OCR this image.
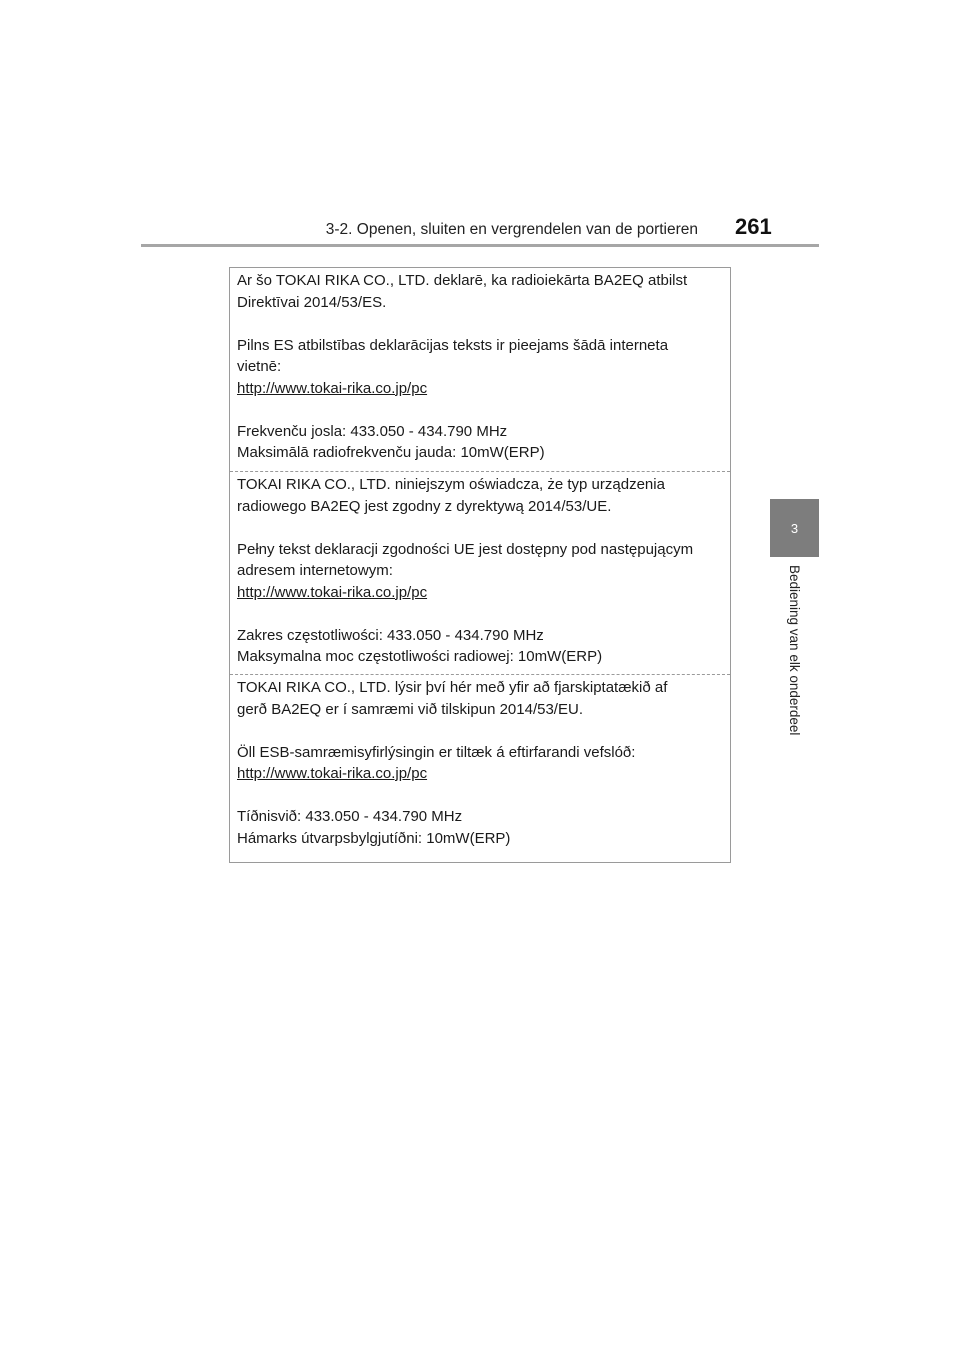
3-2. Openen, sluiten en vergrendelen van de portieren 261
3
Bediening van elk onderdeel

Ar šo TOKAI RIKA CO., LTD. deklarē, ka radioiekārta BA2EQ atbilst
Direktīvai 2014/53/ES.

Pilns ES atbilstības deklarācijas teksts ir pieejams šādā interneta
vietnē:

http://www.tokai-rika.co.jp/pc

Frekvenču josla: 433.050 - 434.790 MHz

Maksimālā radiofrekvenču jauda: 10mW(ERP)

TOKAI RIKA CO., LTD. niniejszym oświadcza, że typ urządzenia
radiowego BA2EQ jest zgodny z dyrektywą 2014/53/UE.

Pełny tekst deklaracji zgodności UE jest dostępny pod następującym
adresem internetowym:

http://www.tokai-rika.co.jp/pc

Zakres częstotliwości: 433.050 - 434.790 MHz

Maksymalna moc częstotliwości radiowej: 10mW(ERP)

TOKAI RIKA CO., LTD. lýsir því hér með yfir að fjarskiptatækið af
gerð BA2EQ er í samræmi við tilskipun 2014/53/EU.

Öll ESB-samræmisyfirlýsingin er tiltæk á eftirfarandi vefslóð:

http://www.tokai-rika.co.jp/pc

Tíðnisvið: 433.050 - 434.790 MHz

Hámarks útvarpsbylgjutíðni: 10mW(ERP)
